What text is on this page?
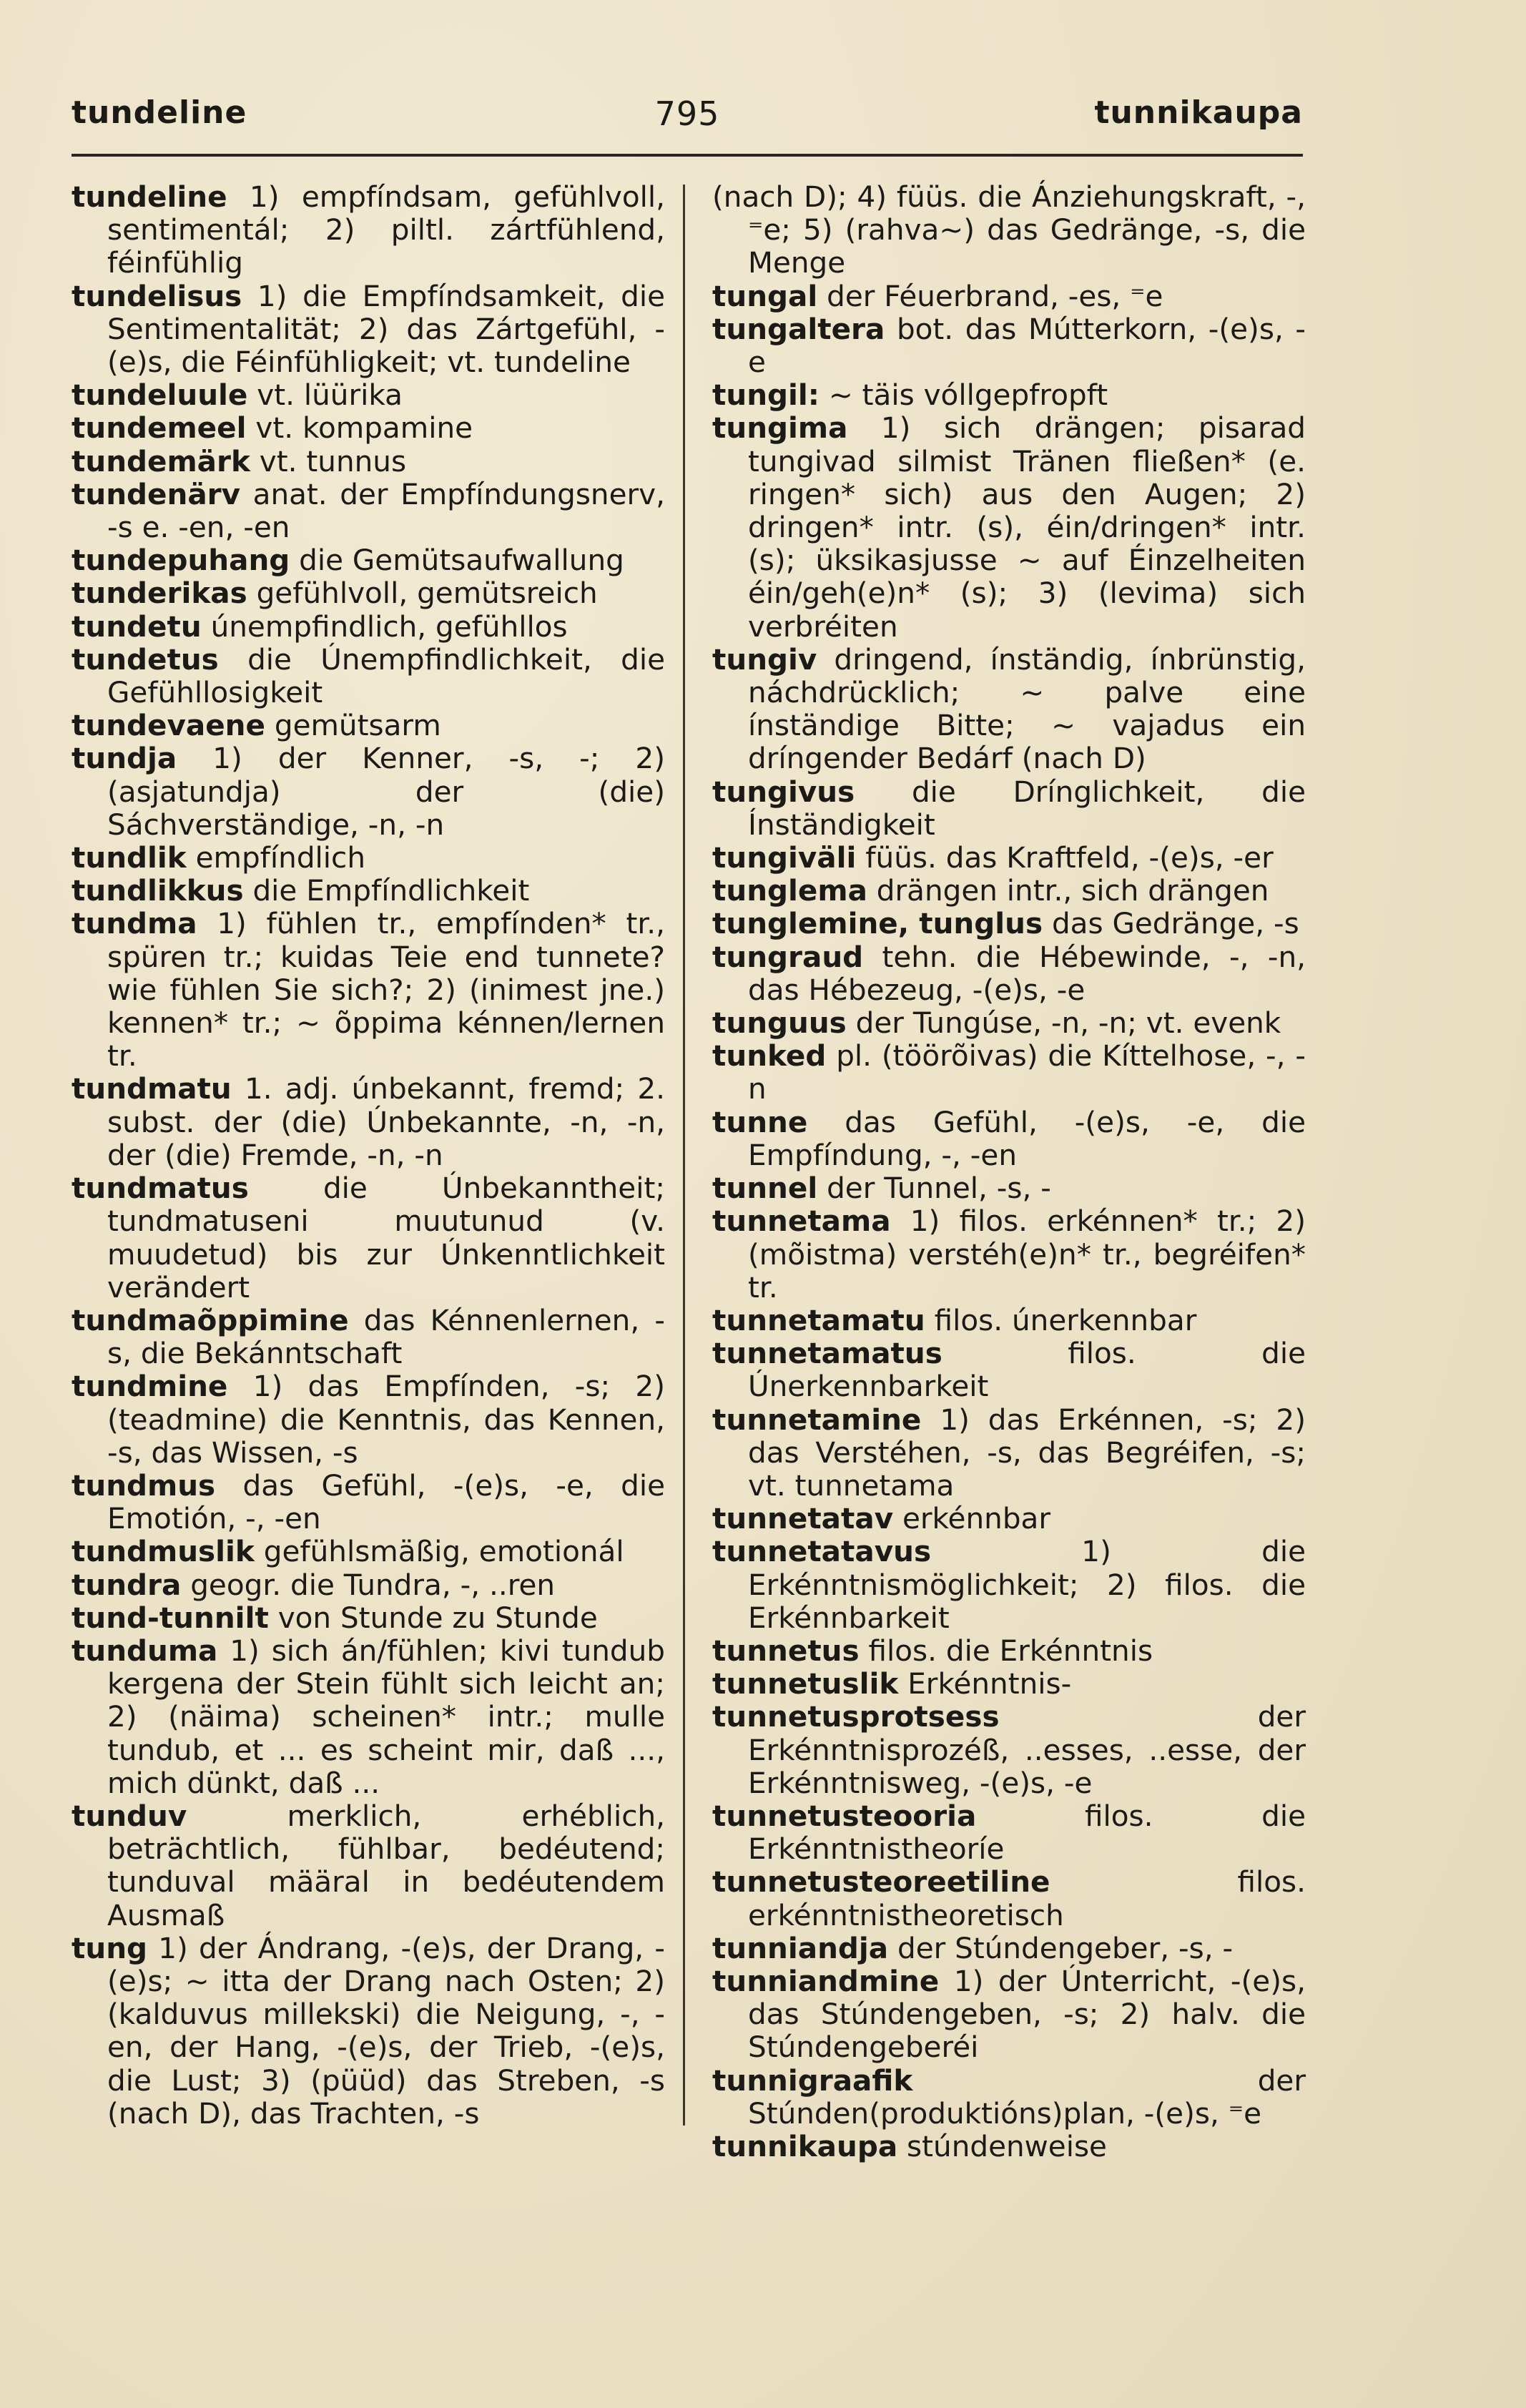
tundeline	795	tunnikaupa

tundeline 1) empfíndsam, gefühlvoll, sentimentál; 2) piltl. zártfühlend, féinfühlig

tundelisus 1) die Empfíndsamkeit, die Sentimentalität; 2) das Zártgefühl, -(e)s, die Féinfühligkeit; vt. tundeline

tundeluule vt. lüürika

tundemeel vt. kompamine

tundemärk vt. tunnus

tundenärv anat. der Empfíndungsnerv, -s e. -en, -en

tundepuhang die Gemütsaufwallung

tunderikas gefühlvoll, gemütsreich

tundetu únempfindlich, gefühllos

tundetus die Únempfindlichkeit, die Gefühllosigkeit

tundevaene gemütsarm

tundja 1) der Kenner, -s, -; 2) (asjatundja) der (die) Sáchverständige, -n, -n

tundlik empfíndlich

tundlikkus die Empfíndlichkeit

tundma 1) fühlen tr., empfínden* tr., spüren tr.; kuidas Teie end tunnete? wie fühlen Sie sich?; 2) (inimest jne.) kennen* tr.; ~ õppima kénnen/lernen tr.

tundmatu 1. adj. únbekannt, fremd; 2. subst. der (die) Únbekannte, -n, -n, der (die) Fremde, -n, -n

tundmatus	die Únbekanntheit; tundmatuseni muutunud (v. muudetud) bis zur Únkenntlichkeit verändert

tundmaõppimine das Kénnenlernen, -s, die Bekánntschaft

tundmine 1) das Empfínden, -s; 2) (teadmine) die Kenntnis, das Kennen, -s, das Wissen, -s

tundmus das Gefühl, -(e)s, -e, die Emotión, -, -en

tundmuslik gefühlsmäßig, emotionál

tundra geogr. die Tundra, -, ..ren

tund-tunnilt von Stunde zu Stunde

tunduma 1) sich án/fühlen; kivi tundub kergena der Stein fühlt sich leicht an; 2) (näima) scheinen* intr.; mulle tundub, et ... es scheint mir, daß ..., mich dünkt, daß ...

tunduv	merklich, erhéblich, beträchtlich, fühlbar, bedéutend; tunduval määral in bedéutendem Ausmaß

tung 1) der Ándrang, -(e)s, der Drang, -(e)s; ~ itta der Drang nach Osten; 2) (kalduvus millekski) die Neigung, -, -en, der Hang, -(e)s, der Trieb, -(e)s, die Lust; 3) (püüd) das Streben, -s (nach D), das Trachten, -s

(nach D); 4) füüs. die Ánziehungskraft, -, ⁼e; 5) (rahva~) das Gedränge, -s, die Menge

tungal der Féuerbrand, -es, ⁼e

tungaltera bot. das Mútterkorn, -(e)s, -e

tungil: ~ täis vóllgepfropft

tungima 1) sich drängen; pisarad tungivad silmist Tränen fließen* (e. ringen* sich) aus den Augen; 2) dringen* intr. (s), éin/dringen* intr. (s); üksikasjusse ~ auf Éinzelheiten éin/geh(e)n* (s); 3) (levima) sich verbréiten

tungiv dringend, ínständig, ínbrünstig, náchdrücklich; ~ palve eine ínständige Bitte; ~ vajadus ein dríngender Bedárf (nach D)

tungivus die Drínglichkeit, die Ínständigkeit

tungiväli füüs. das Kraftfeld, -(e)s, -er

tunglema drängen intr., sich drängen

tunglemine, tunglus das Gedränge, -s

tungraud tehn. die Hébewinde, -, -n, das Hébezeug, -(e)s, -e

tunguus der Tungúse, -n, -n; vt. evenk

tunked pl. (töörõivas) die Kíttelhose, -, -n

tunne das Gefühl, -(e)s, -e, die Empfíndung, -, -en

tunnel der Tunnel, -s, -

tunnetama 1) filos. erkénnen* tr.; 2) (mõistma) verstéh(e)n* tr., begréifen* tr.

tunnetamatu filos. únerkennbar

tunnetamatus	filos. die Únerkennbarkeit

tunnetamine 1) das Erkénnen, -s; 2) das Verstéhen, -s, das Begréifen, -s; vt. tunnetama

tunnetatav erkénnbar

tunnetatavus	1) die Erkénntnismöglichkeit; 2) filos. die Erkénnbarkeit

tunnetus filos. die Erkénntnis

tunnetuslik Erkénntnis-

tunnetusprotsess	der Erkénntnisprozéß, ..esses, ..esse, der Erkénntnisweg, -(e)s, -e

tunnetusteooria	filos. die Erkénntnistheoríe

tunnetusteoreetiline	filos. erkénntnistheoretisch

tunniandja der Stúndengeber, -s, -

tunniandmine 1) der Únterricht, -(e)s, das Stúndengeben, -s; 2) halv. die Stúndengeberéi

tunnigraafik	der Stúnden(produktións)plan, -(e)s, ⁼e

tunnikaupa stúndenweise
